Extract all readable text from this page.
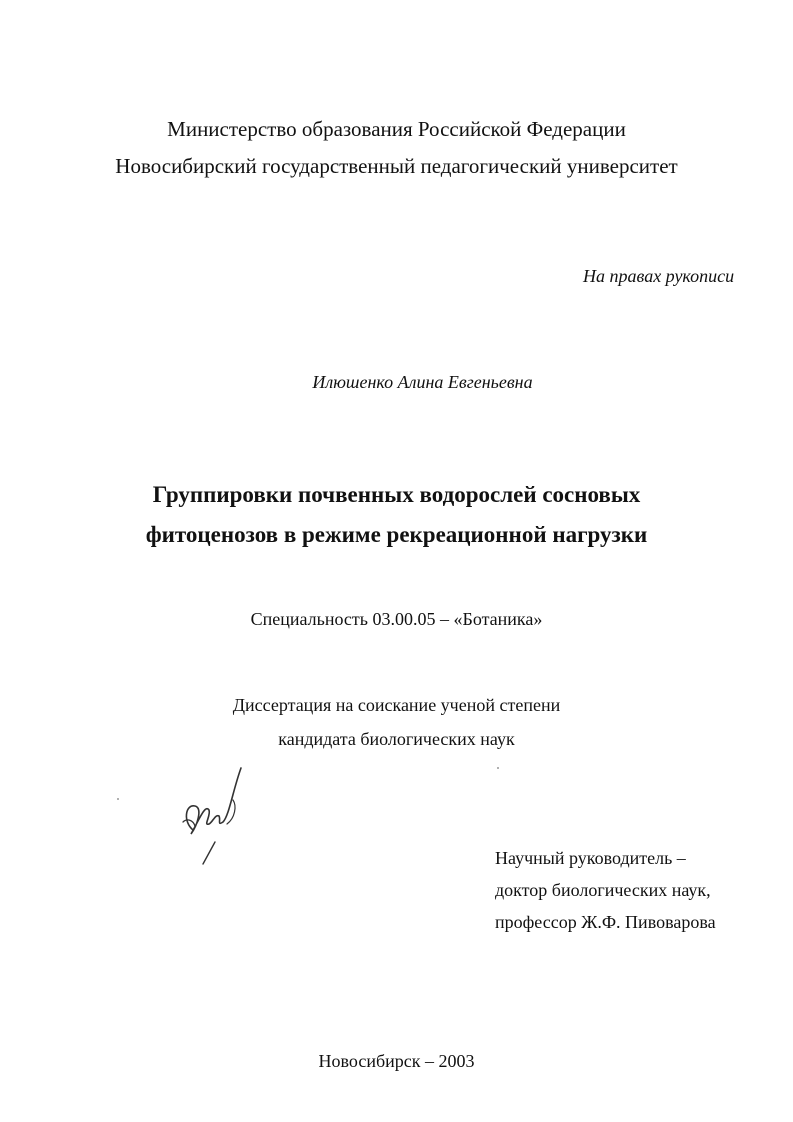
Министерство образования Российской Федерации
Новосибирский государственный педагогический университет
На правах рукописи
Илюшенко Алина Евгеньевна
Группировки почвенных водорослей сосновых
фитоценозов в режиме рекреационной нагрузки
Специальность 03.00.05 – «Ботаника»
Диссертация на соискание ученой степени
кандидата биологических наук
Научный руководитель –
доктор биологических наук,
профессор Ж.Ф. Пивоварова
Новосибирск – 2003
